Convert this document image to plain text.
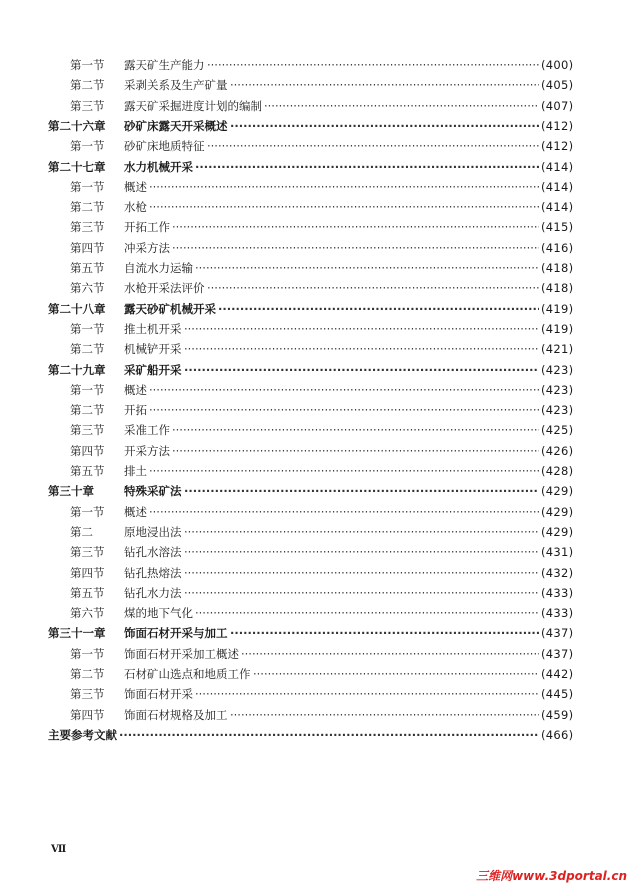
第一节 露天矿生产能力 ·····	(400)
第二节 采剥关系及生产矿量 ·····	(405)
第三节 露天矿采掘进度计划的编制 ·····	(407)
第二十六章 砂矿床露天开采概述 ·····	(412)
第一节 砂矿床地质特征 ·····	(412)
第二十七章 水力机械开采 ·····	(414)
第一节 概述 ·····	(414)
第二节 水枪 ·····	(414)
第三节 开拓工作 ·····	(415)
第四节 冲采方法 ·····	(416)
第五节 自流水力运输 ·····	(418)
第六节 水枪开采法评价 ·····	(418)
第二十八章 露天砂矿机械开采 ·····	(419)
第一节 推土机开采 ·····	(419)
第二节 机械铲开采 ·····	(421)
第二十九章 采矿船开采 ·····	(423)
第一节 概述 ·····	(423)
第二节 开拓 ·····	(423)
第三节 采准工作 ·····	(425)
第四节 开采方法 ·····	(426)
第五节 排土 ·····	(428)
第三十章	特殊采矿法 ·····	(429)
第一节 概述 ·····	(429)
第二	原地浸出法 ·····	(429)
第三节 钻孔水溶法 ·····	(431)
第四节 钻孔热熔法 ·····	(432)
第五节 钻孔水力法 ·····	(433)
第六节 煤的地下气化 ·····	(433)
第三十一章 饰面石材开采与加工 ·····	(437)
第一节 饰面石材开采加工概述 ·····	(437)
第二节 石材矿山选点和地质工作 ·····	(442)
第三节 饰面石材开采 ·····	(445)
第四节 饰面石材规格及加工 ·····	(459)
主要参考文献 ·····	(466)
Ⅶ
三维网www.3dportal.cn
